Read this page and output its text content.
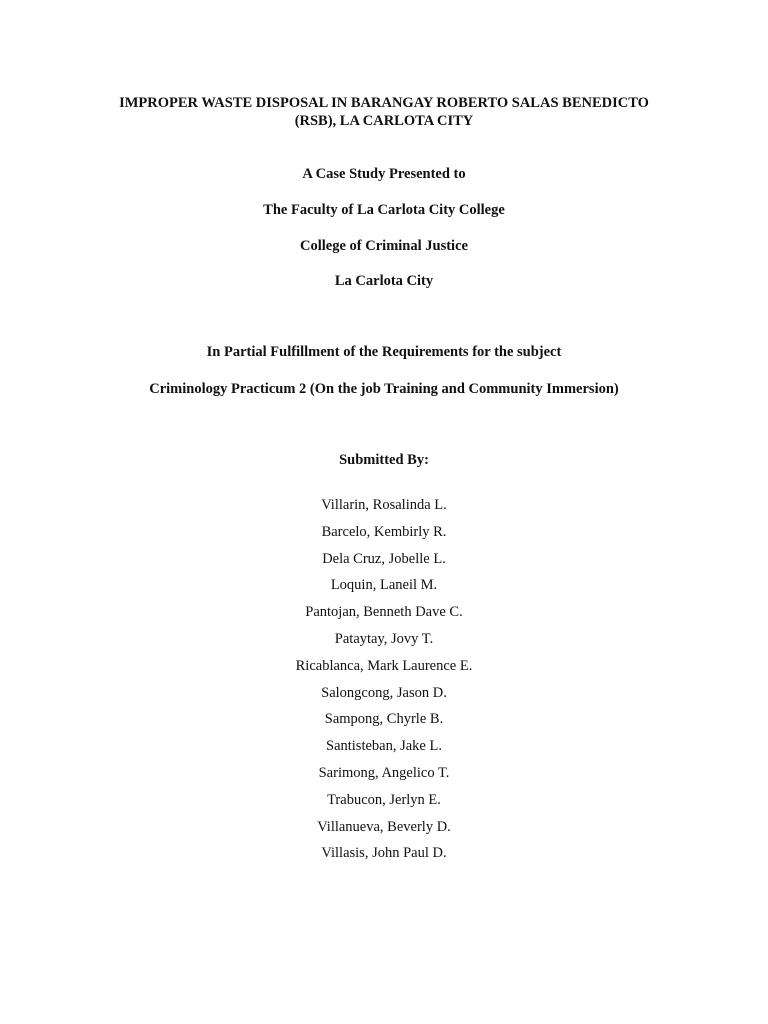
IMPROPER WASTE DISPOSAL IN BARANGAY ROBERTO SALAS BENEDICTO
(RSB), LA CARLOTA CITY

A Case Study Presented to

The Faculty of La Carlota City College

College of Criminal Justice

La Carlota City

In Partial Fulfillment of the Requirements for the subject

Criminology Practicum 2 (On the job Training and Community Immersion)

Submitted By:

Villarin, Rosalinda L.
Barcelo, Kembirly R.
Dela Cruz, Jobelle L.
Loquin, Laneil M.
Pantojan, Benneth Dave C.
Pataytay, Jovy T.
Ricablanca, Mark Laurence E.
Salongcong, Jason D.
Sampong, Chyrle B.
Santisteban, Jake L.
Sarimong, Angelico T.
Trabucon, Jerlyn E.
Villanueva, Beverly D.
Villasis, John Paul D.
